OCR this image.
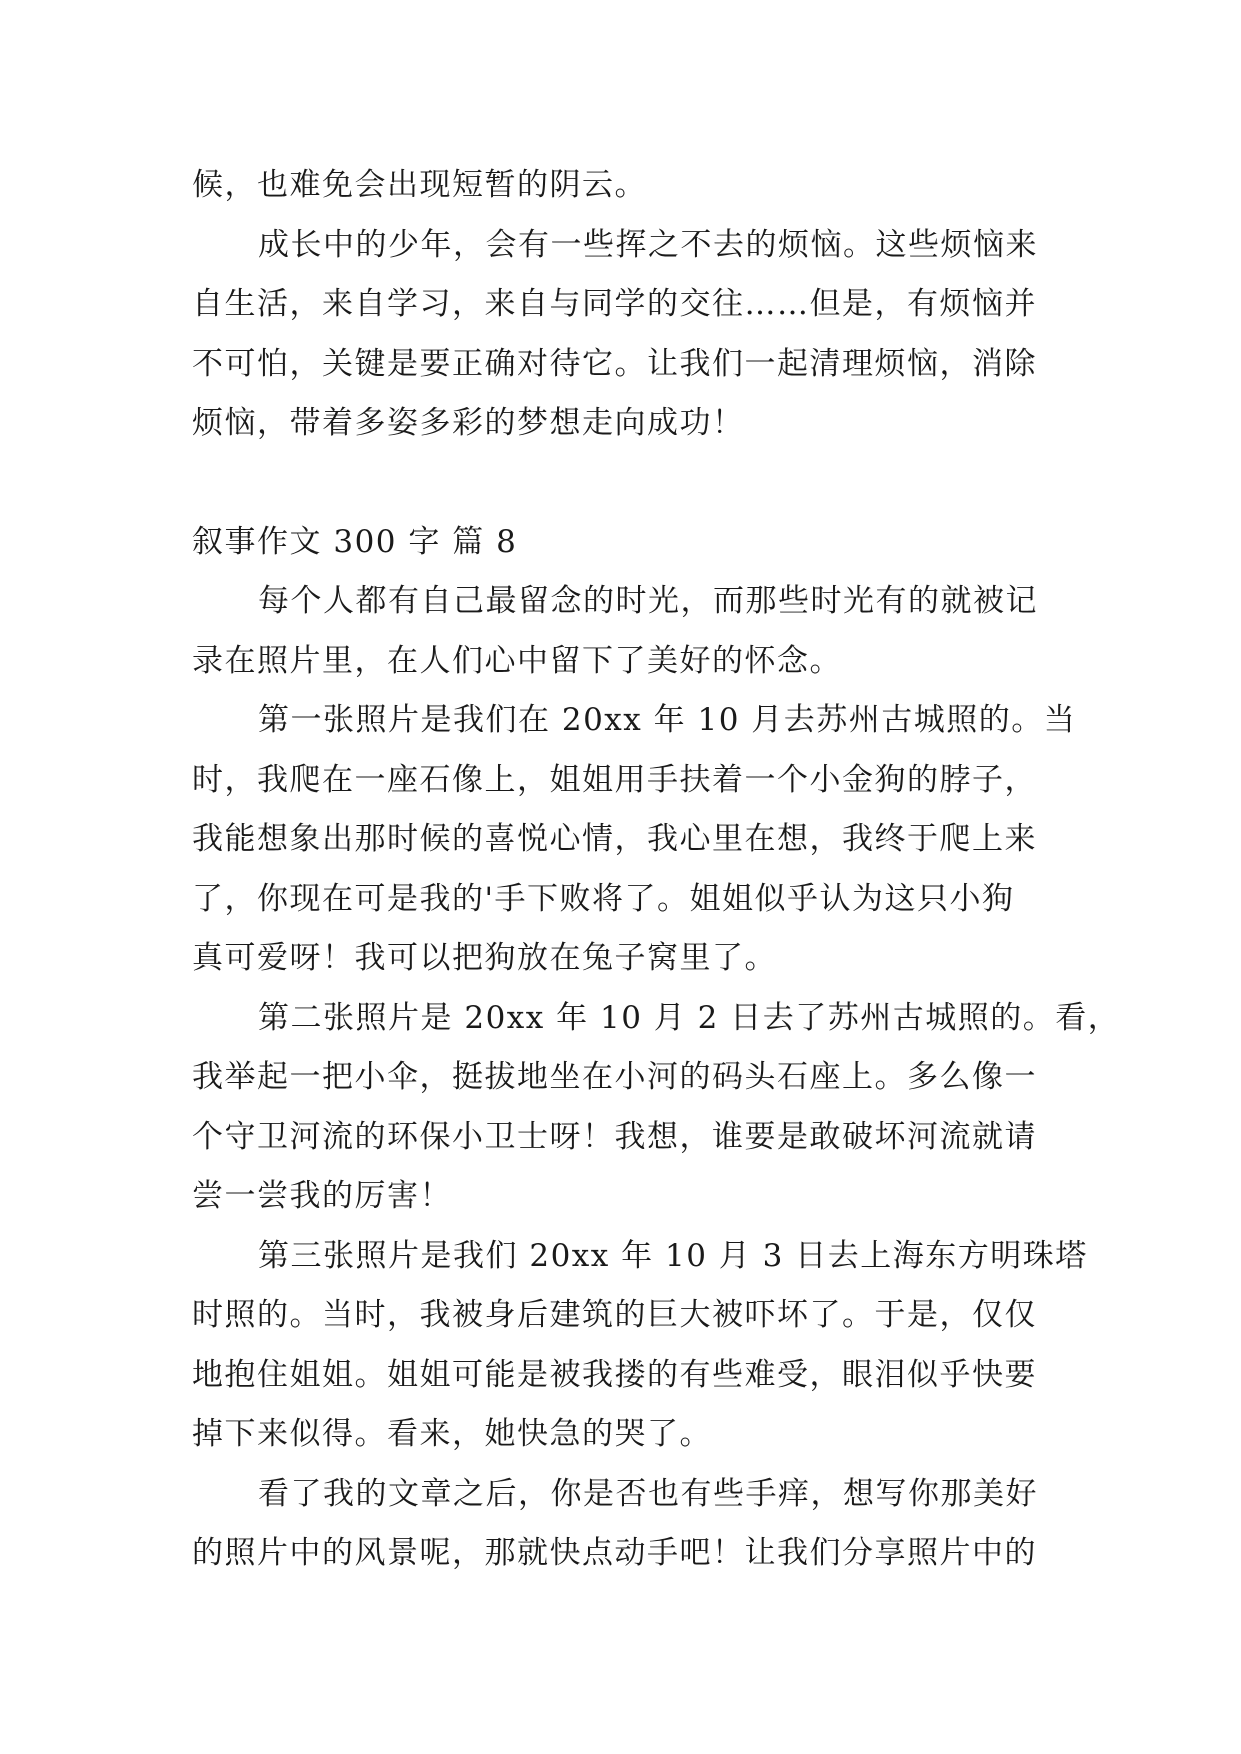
候，也难免会出现短暂的阴云。
成长中的少年，会有一些挥之不去的烦恼。这些烦恼来
自生活，来自学习，来自与同学的交往……但是，有烦恼并
不可怕，关键是要正确对待它。让我们一起清理烦恼，消除
烦恼，带着多姿多彩的梦想走向成功！
叙事作文 300 字 篇 8
每个人都有自己最留念的时光，而那些时光有的就被记
录在照片里，在人们心中留下了美好的怀念。
第一张照片是我们在 20xx 年 10 月去苏州古城照的。当
时，我爬在一座石像上，姐姐用手扶着一个小金狗的脖子，
我能想象出那时候的喜悦心情，我心里在想，我终于爬上来
了，你现在可是我的'手下败将了。姐姐似乎认为这只小狗
真可爱呀！我可以把狗放在兔子窝里了。
第二张照片是 20xx 年 10 月 2 日去了苏州古城照的。看，
我举起一把小伞，挺拔地坐在小河的码头石座上。多么像一
个守卫河流的环保小卫士呀！我想，谁要是敢破坏河流就请
尝一尝我的厉害！
第三张照片是我们 20xx 年 10 月 3 日去上海东方明珠塔
时照的。当时，我被身后建筑的巨大被吓坏了。于是，仅仅
地抱住姐姐。姐姐可能是被我搂的有些难受，眼泪似乎快要
掉下来似得。看来，她快急的哭了。
看了我的文章之后，你是否也有些手痒，想写你那美好
的照片中的风景呢，那就快点动手吧！让我们分享照片中的
